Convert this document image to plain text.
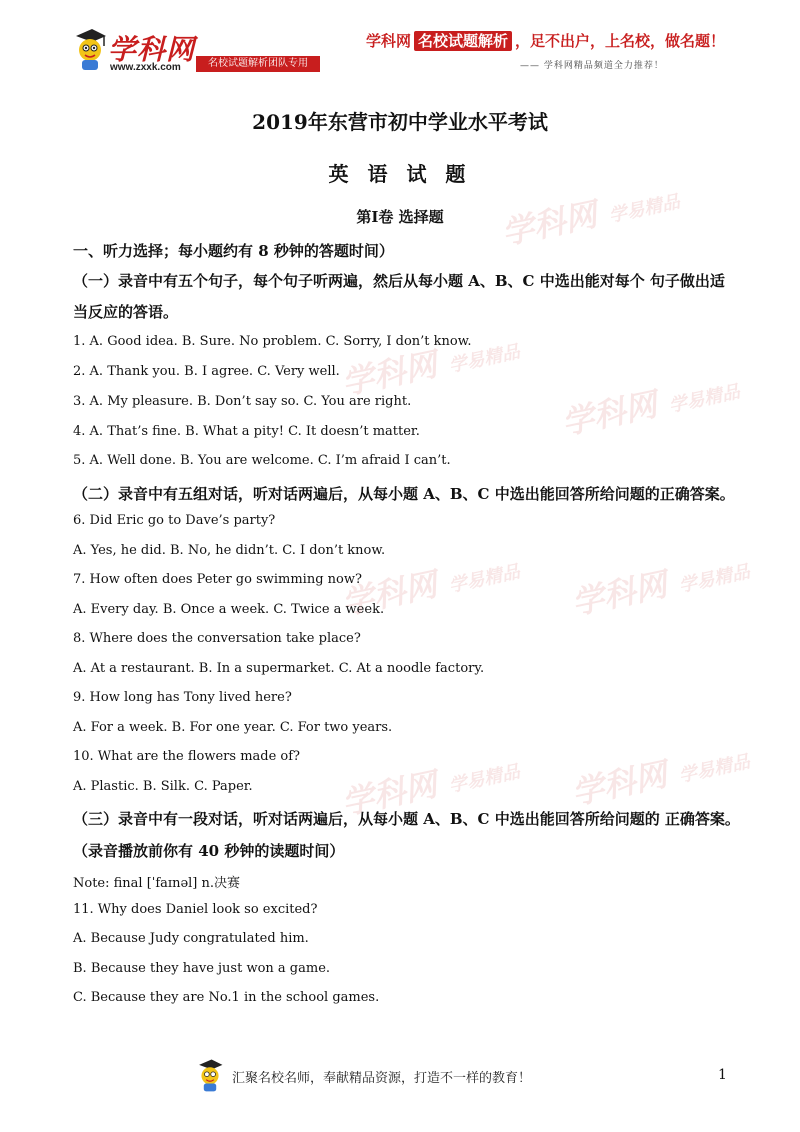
学科网 学易精品
学科网 学易精品
学科网 学易精品
学科网 学易精品 学科网 学易精品
学科网 学易精品 学科网 学易精品
学科网
www.zxxk.com	名校试题解析团队专用
学科网 名校试题解析 ，足不出户，上名校，做名题！
—— 学科网精品频道全力推荐！
2019年东营市初中学业水平考试
英 语 试 题
第Ⅰ卷 选择题
一、听力选择；每小题约有 8 秒钟的答题时间）
（一）录音中有五个句子，每个句子听两遍，然后从每小题 A、B、C 中选出能对每个 句子做出适
当反应的答语。
1. A. Good idea. B. Sure. No problem. C. Sorry, I don’t know.
2. A. Thank you. B. I agree. C. Very well.
3. A. My pleasure. B. Don’t say so. C. You are right.
4. A. That’s fine. B. What a pity! C. It doesn’t matter.
5. A. Well done. B. You are welcome. C. I’m afraid I can’t.
（二）录音中有五组对话，听对话两遍后，从每小题 A、B、C 中选出能回答所给问题的正确答案。
6. Did Eric go to Dave’s party?
A. Yes, he did. B. No, he didn’t. C. I don’t know.
7. How often does Peter go swimming now?
A. Every day. B. Once a week. C. Twice a week.
8. Where does the conversation take place?
A. At a restaurant. B. In a supermarket. C. At a noodle factory.
9. How long has Tony lived here?
A. For a week. B. For one year. C. For two years.
10. What are the flowers made of?
A. Plastic. B. Silk. C. Paper.
（三）录音中有一段对话，听对话两遍后，从每小题 A、B、C 中选出能回答所给问题的 正确答案。
（录音播放前你有 40 秒钟的读题时间）
Note: final [ˈfaɪnəl] n.决赛
11. Why does Daniel look so excited?
A. Because Judy congratulated him.
B. Because they have just won a game.
C. Because they are No.1 in the school games.
汇聚名校名师，奉献精品资源，打造不一样的教育！	1
